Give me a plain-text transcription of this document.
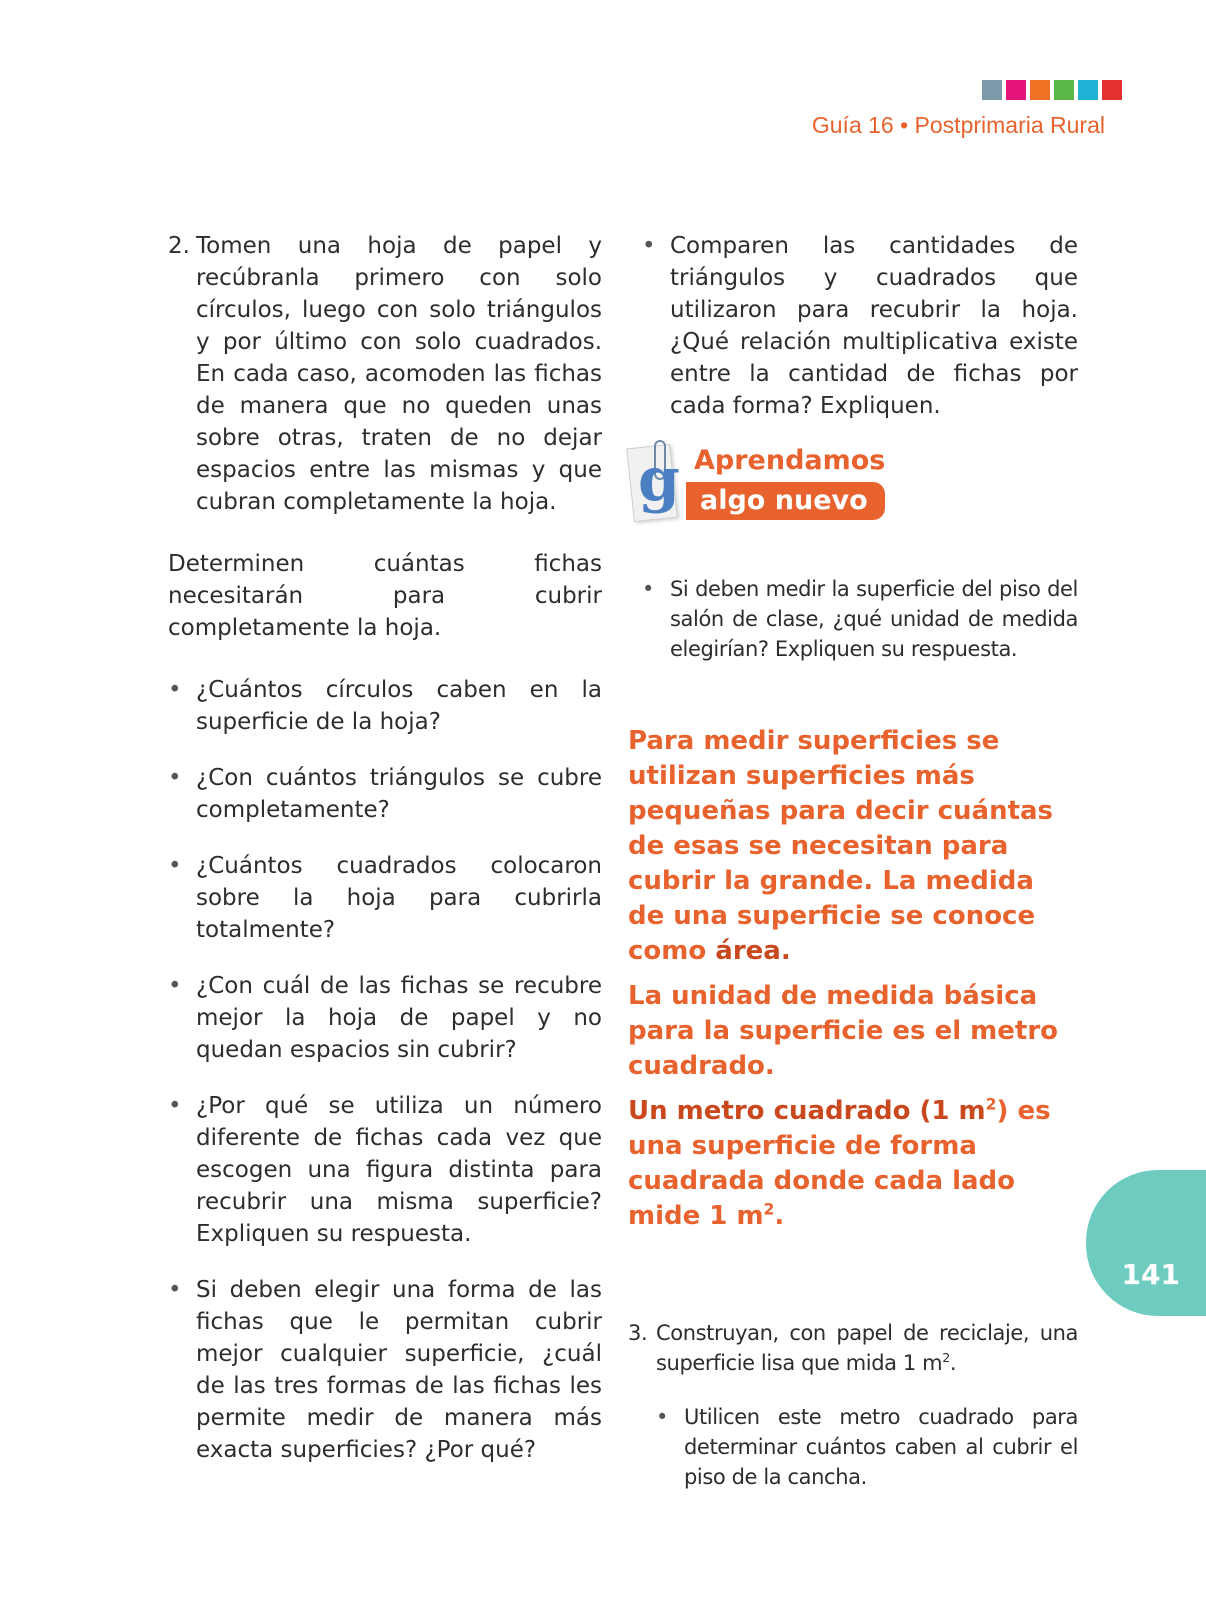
Guía 16 • Postprimaria Rural
2. Tomen una hoja de papel y recúbranla primero con solo círculos, luego con solo triángulos y por último con solo cuadrados. En cada caso, acomoden las fichas de manera que no queden unas sobre otras, traten de no dejar espacios entre las mismas y que cubran completamente la hoja.

Determinen cuántas fichas necesitarán para cubrir completamente la hoja.

• ¿Cuántos círculos caben en la superficie de la hoja?
• ¿Con cuántos triángulos se cubre completamente?
• ¿Cuántos cuadrados colocaron sobre la hoja para cubrirla totalmente?
• ¿Con cuál de las fichas se recubre mejor la hoja de papel y no quedan espacios sin cubrir?
• ¿Por qué se utiliza un número diferente de fichas cada vez que escogen una figura distinta para recubrir una misma superficie? Expliquen su respuesta.
• Si deben elegir una forma de las fichas que le permitan cubrir mejor cualquier superficie, ¿cuál de las tres formas de las fichas les permite medir de manera más exacta superficies? ¿Por qué?
• Comparen las cantidades de triángulos y cuadrados que utilizaron para recubrir la hoja. ¿Qué relación multiplicativa existe entre la cantidad de fichas por cada forma? Expliquen.
g Aprendamos
algo nuevo
• Si deben medir la superficie del piso del salón de clase, ¿qué unidad de medida elegirían? Expliquen su respuesta.

Para medir superficies se utilizan superficies más pequeñas para decir cuántas de esas se necesitan para cubrir la grande. La medida de una superficie se conoce como área.

La unidad de medida básica para la superficie es el metro cuadrado.

Un metro cuadrado (1 $m^2$) es una superficie de forma cuadrada donde cada lado mide 1 $m^2$.

3. Construyan, con papel de reciclaje, una superficie lisa que mida 1 $m^2$.
• Utilicen este metro cuadrado para determinar cuántos caben al cubrir el piso de la cancha.
141
